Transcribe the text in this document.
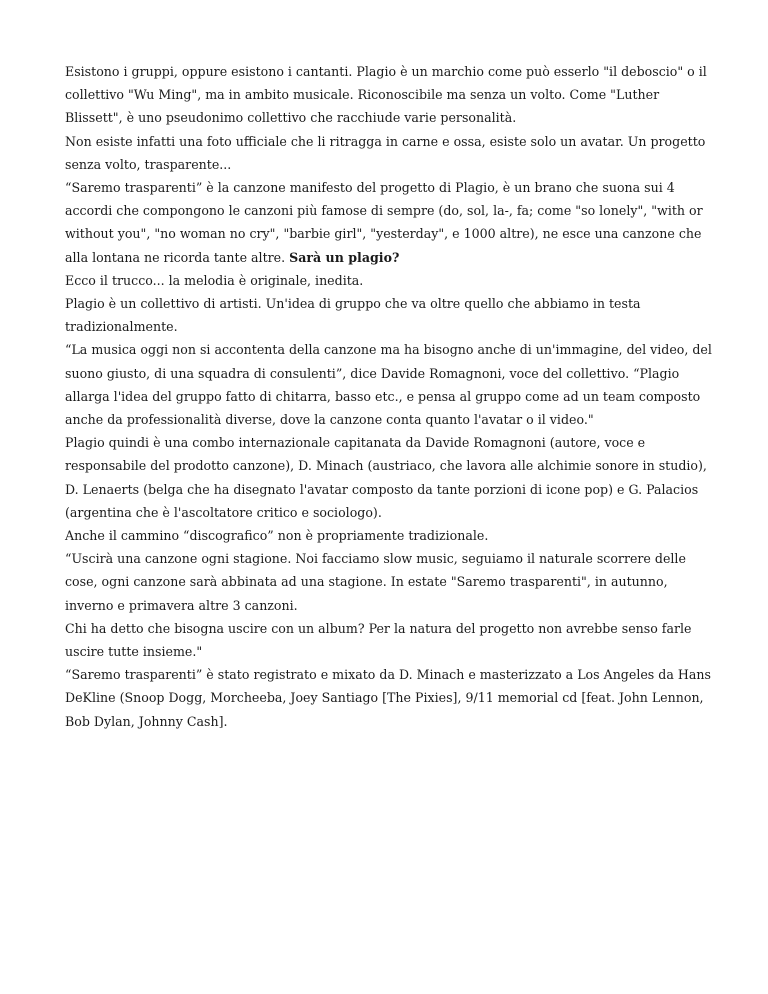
Esistono i gruppi, oppure esistono i cantanti. Plagio è un marchio come può esserlo "il deboscio" o il collettivo "Wu Ming", ma in ambito musicale. Riconoscibile ma senza un volto. Come "Luther Blissett", è uno pseudonimo collettivo che racchiude varie personalità.

Non esiste infatti una foto ufficiale che li ritragga in carne e ossa, esiste solo un avatar. Un progetto senza volto, trasparente...

“Saremo trasparenti” è la canzone manifesto del progetto di Plagio, è un brano che suona sui 4 accordi che compongono le canzoni più famose di sempre (do, sol, la-, fa; come "so lonely", "with or without you", "no woman no cry", "barbie girl", "yesterday", e 1000 altre), ne esce una canzone che alla lontana ne ricorda tante altre. Sarà un plagio?

Ecco il trucco... la melodia è originale, inedita.

Plagio è un collettivo di artisti. Un'idea di gruppo che va oltre quello che abbiamo in testa tradizionalmente.

“La musica oggi non si accontenta della canzone ma ha bisogno anche di un'immagine, del video, del suono giusto, di una squadra di consulenti”, dice Davide Romagnoni, voce del collettivo. “Plagio allarga l'idea del gruppo fatto di chitarra, basso etc., e pensa al gruppo come ad un team composto anche da professionalità diverse, dove la canzone conta quanto l'avatar o il video."

Plagio quindi è una combo internazionale capitanata da Davide Romagnoni (autore, voce e responsabile del prodotto canzone), D. Minach (austriaco, che lavora alle alchimie sonore in studio), D. Lenaerts (belga che ha disegnato l'avatar composto da tante porzioni di icone pop) e G. Palacios (argentina che è l'ascoltatore critico e sociologo).

Anche il cammino “discografico” non è propriamente tradizionale.

“Uscirà una canzone ogni stagione. Noi facciamo slow music, seguiamo il naturale scorrere delle cose, ogni canzone sarà abbinata ad una stagione. In estate "Saremo trasparenti", in autunno, inverno e primavera altre 3 canzoni.

Chi ha detto che bisogna uscire con un album? Per la natura del progetto non avrebbe senso farle uscire tutte insieme."

“Saremo trasparenti” è stato registrato e mixato da D. Minach e masterizzato a Los Angeles da Hans DeKline (Snoop Dogg, Morcheeba, Joey Santiago [The Pixies], 9/11 memorial cd [feat. John Lennon, Bob Dylan, Johnny Cash].
